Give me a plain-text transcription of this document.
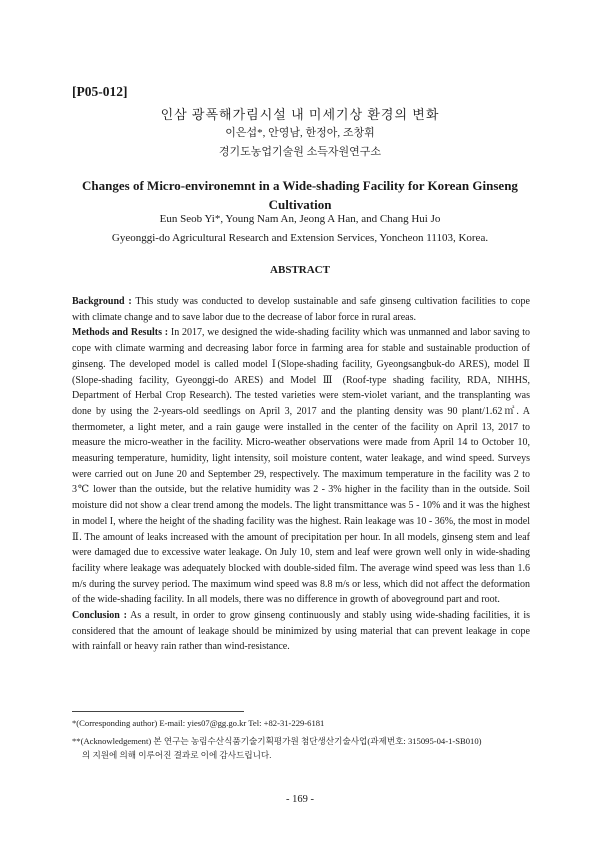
[P05-012]
인삼 광폭해가림시설 내 미세기상 환경의 변화
이은섭*, 안영남, 한정아, 조창휘
경기도농업기술원 소득자원연구소
Changes of Micro-environemnt in a Wide-shading Facility for Korean Ginseng Cultivation
Eun Seob Yi*, Young Nam An, Jeong A Han, and Chang Hui Jo
Gyeonggi-do Agricultural Research and Extension Services, Yoncheon 11103, Korea.
ABSTRACT

Background : This study was conducted to develop sustainable and safe ginseng cultivation facilities to cope with climate change and to save labor due to the decrease of labor force in rural areas.

Methods and Results : In 2017, we designed the wide-shading facility which was unmanned and labor saving to cope with climate warming and decreasing labor force in farming area for stable and sustainable production of ginseng. The developed model is called model Ⅰ(Slope-shading facility, Gyeongsangbuk-do ARES), model Ⅱ (Slope-shading facility, Gyeonggi-do ARES) and Model Ⅲ (Roof-type shading facility, RDA, NIHHS, Department of Herbal Crop Research). The tested varieties were stem-violet variant, and the transplanting was done by using the 2-years-old seedlings on April 3, 2017 and the planting density was 90 plant/1.62㎡. A thermometer, a light meter, and a rain gauge were installed in the center of the facility on April 13, 2017 to measure the micro-weather in the facility. Micro-weather observations were made from April 14 to October 10, measuring temperature, humidity, light intensity, soil moisture content, water leakage, and wind speed. Surveys were carried out on June 20 and September 29, respectively. The maximum temperature in the facility was 2 to 3℃ lower than the outside, but the relative humidity was 2 - 3% higher in the facility than in the outside. Soil moisture did not show a clear trend among the models. The light transmittance was 5 - 10% and it was the highest in model I, where the height of the shading facility was the highest. Rain leakage was 10 - 36%, the most in model Ⅱ. The amount of leaks increased with the amount of precipitation per hour. In all models, ginseng stem and leaf were damaged due to excessive water leakage. On July 10, stem and leaf were grown well only in wide-shading facility where leakage was adequately blocked with double-sided film. The average wind speed was less than 1.6 m/s during the survey period. The maximum wind speed was 8.8 m/s or less, which did not affect the deformation of the wide-shading facility. In all models, there was no difference in growth of aboveground part and root.

Conclusion : As a result, in order to grow ginseng continuously and stably using wide-shading facilities, it is considered that the amount of leakage should be minimized by using material that can prevent leakage in cope with rainfall or heavy rain rather than wind-resistance.

*(Corresponding author) E-mail: yies07@gg.go.kr Tel: +82-31-229-6181
**(Acknowledgement) 본 연구는 농림수산식품기술기획평가원 첨단생산기술사업(과제번호: 315095-04-1-SB010)
의 지원에 의해 이루어진 결과로 이에 감사드립니다.
- 169 -
